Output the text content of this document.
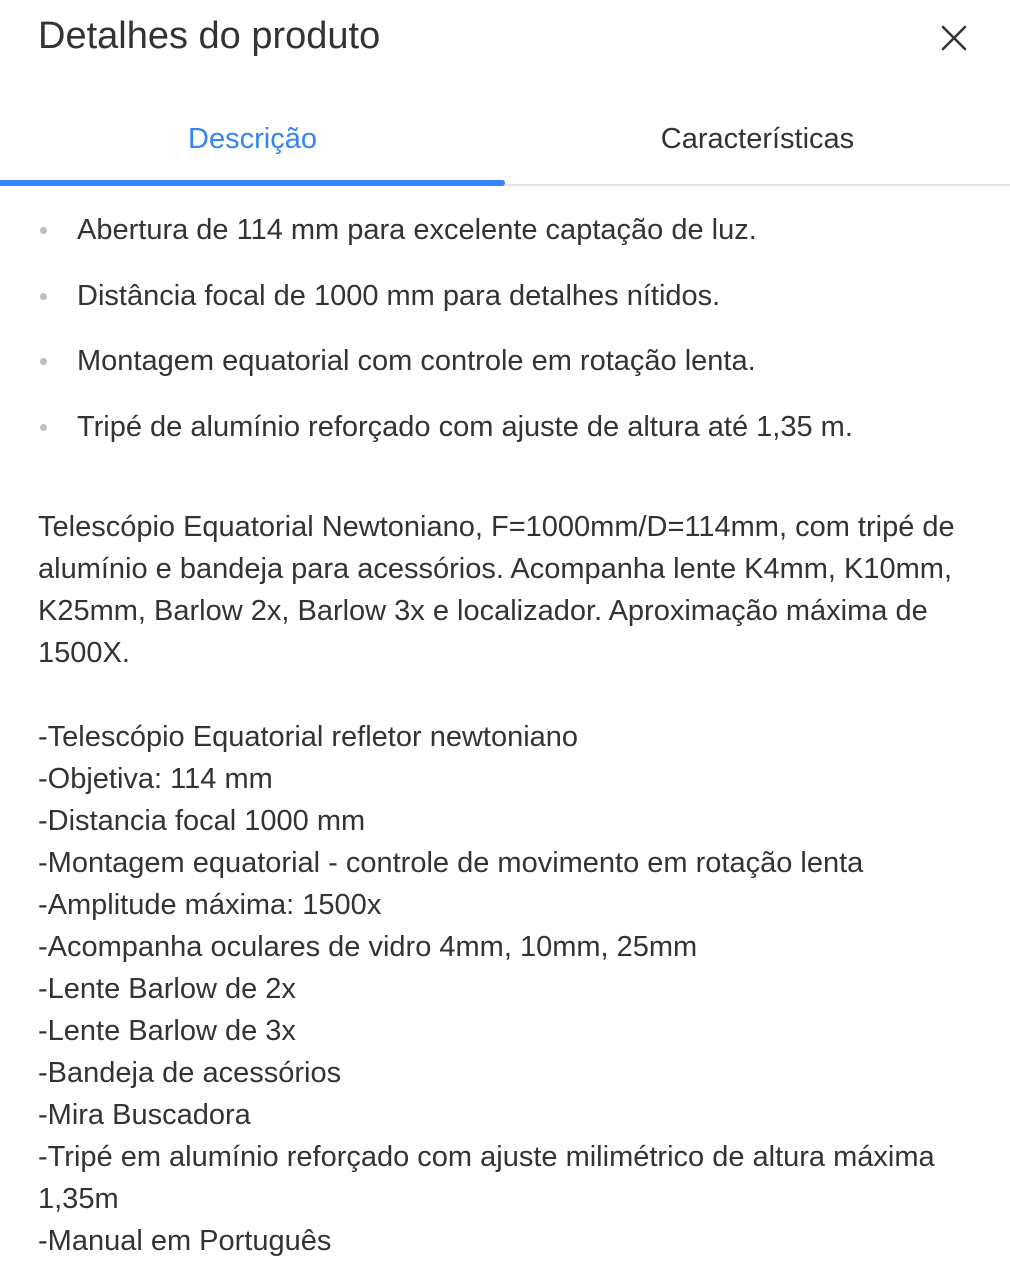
Detalhes do produto
Descrição	Características
Abertura de 114 mm para excelente captação de luz.
Distância focal de 1000 mm para detalhes nítidos.
Montagem equatorial com controle em rotação lenta.
Tripé de alumínio reforçado com ajuste de altura até 1,35 m.

Telescópio Equatorial Newtoniano, F=1000mm/D=114mm, com tripé de alumínio e bandeja para acessórios. Acompanha lente K4mm, K10mm, K25mm, Barlow 2x, Barlow 3x e localizador. Aproximação máxima de 1500X.

-Telescópio Equatorial refletor newtoniano
-Objetiva: 114 mm
-Distancia focal 1000 mm
-Montagem equatorial - controle de movimento em rotação lenta
-Amplitude máxima: 1500x
-Acompanha oculares de vidro 4mm, 10mm, 25mm
-Lente Barlow de 2x
-Lente Barlow de 3x
-Bandeja de acessórios
-Mira Buscadora
-Tripé em alumínio reforçado com ajuste milimétrico de altura máxima 1,35m
-Manual em Português
